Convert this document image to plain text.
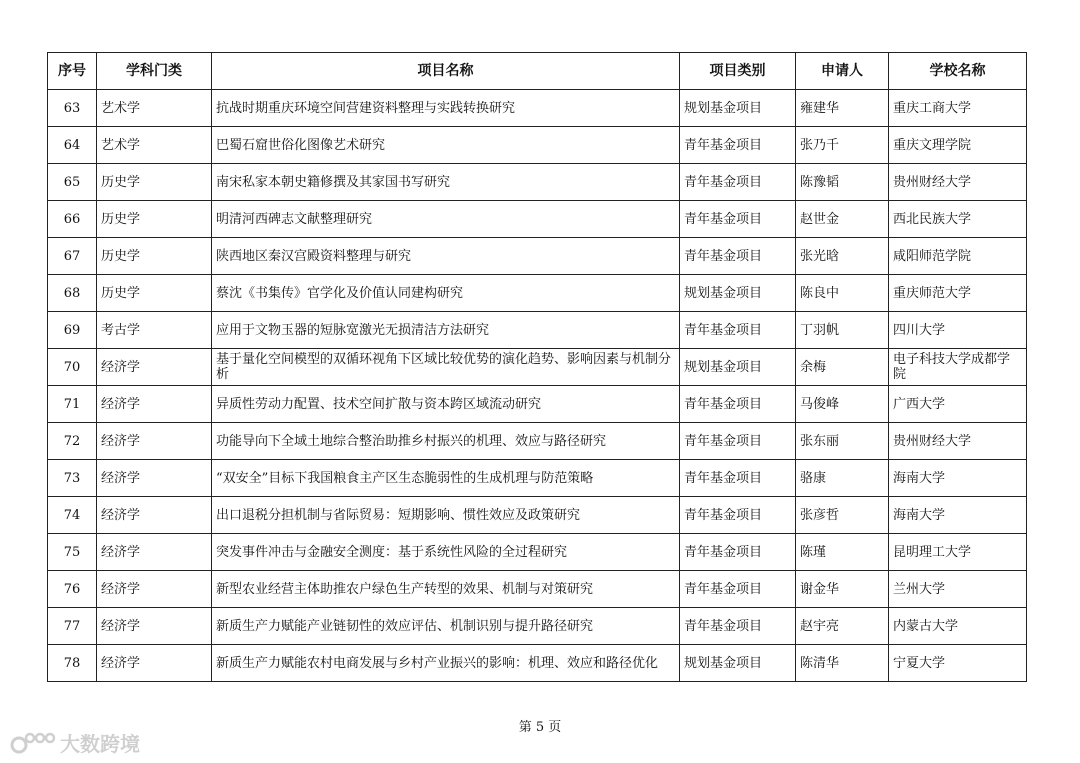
序号	学科门类	项目名称	项目类别	申请人	学校名称
63	艺术学	抗战时期重庆环境空间营建资料整理与实践转换研究	规划基金项目	雍建华	重庆工商大学
64	艺术学	巴蜀石窟世俗化图像艺术研究	青年基金项目	张乃千	重庆文理学院
65	历史学	南宋私家本朝史籍修撰及其家国书写研究	青年基金项目	陈豫韬	贵州财经大学
66	历史学	明清河西碑志文献整理研究	青年基金项目	赵世金	西北民族大学
67	历史学	陕西地区秦汉宫殿资料整理与研究	青年基金项目	张光晗	咸阳师范学院
68	历史学	蔡沈《书集传》官学化及价值认同建构研究	规划基金项目	陈良中	重庆师范大学
69	考古学	应用于文物玉器的短脉宽激光无损清洁方法研究	青年基金项目	丁羽帆	四川大学
70	经济学	基于量化空间模型的双循环视角下区域比较优势的演化趋势、影响因素与机制分析	规划基金项目	余梅	电子科技大学成都学院
71	经济学	异质性劳动力配置、技术空间扩散与资本跨区域流动研究	青年基金项目	马俊峰	广西大学
72	经济学	功能导向下全域土地综合整治助推乡村振兴的机理、效应与路径研究	青年基金项目	张东丽	贵州财经大学
73	经济学	“双安全”目标下我国粮食主产区生态脆弱性的生成机理与防范策略	青年基金项目	骆康	海南大学
74	经济学	出口退税分担机制与省际贸易：短期影响、惯性效应及政策研究	青年基金项目	张彦哲	海南大学
75	经济学	突发事件冲击与金融安全测度：基于系统性风险的全过程研究	青年基金项目	陈瑾	昆明理工大学
76	经济学	新型农业经营主体助推农户绿色生产转型的效果、机制与对策研究	青年基金项目	谢金华	兰州大学
77	经济学	新质生产力赋能产业链韧性的效应评估、机制识别与提升路径研究	青年基金项目	赵宇亮	内蒙古大学
78	经济学	新质生产力赋能农村电商发展与乡村产业振兴的影响：机理、效应和路径优化	规划基金项目	陈清华	宁夏大学
第 5 页
大数跨境
